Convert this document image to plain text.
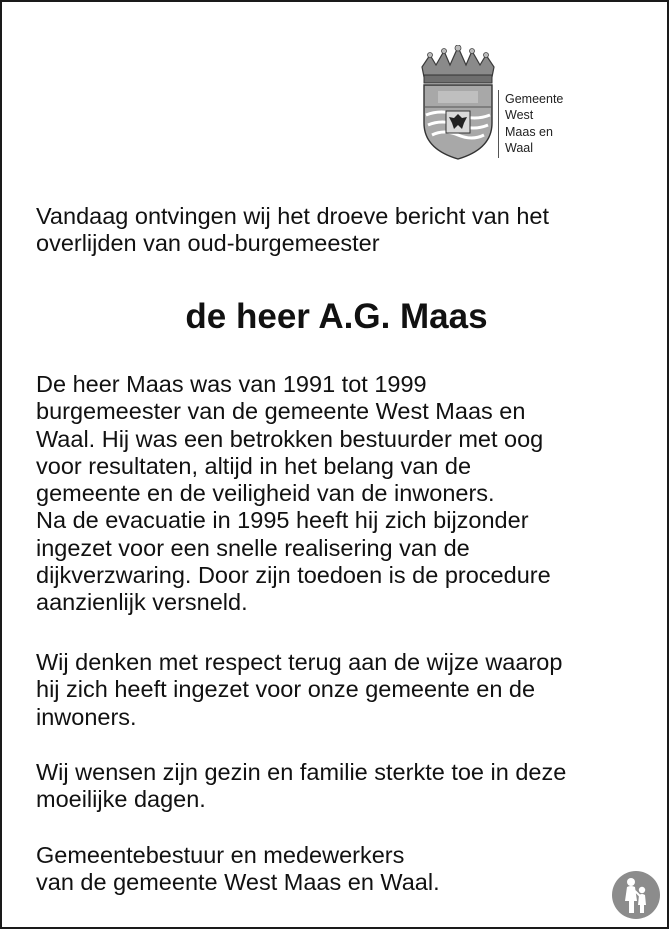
Gemeente
West
Maas en
Waal
Vandaag ontvingen wij het droeve bericht van het
overlijden van oud-burgemeester
de heer A.G. Maas
De heer Maas was van 1991 tot 1999
burgemeester van de gemeente West Maas en
Waal. Hij was een betrokken bestuurder met oog
voor resultaten, altijd in het belang van de
gemeente en de veiligheid van de inwoners.
Na de evacuatie in 1995 heeft hij zich bijzonder
ingezet voor een snelle realisering van de
dijkverzwaring. Door zijn toedoen is de procedure
aanzienlijk versneld.
Wij denken met respect terug aan de wijze waarop
hij zich heeft ingezet voor onze gemeente en de
inwoners.
Wij wensen zijn gezin en familie sterkte toe in deze
moeilijke dagen.
Gemeentebestuur en medewerkers
van de gemeente West Maas en Waal.
